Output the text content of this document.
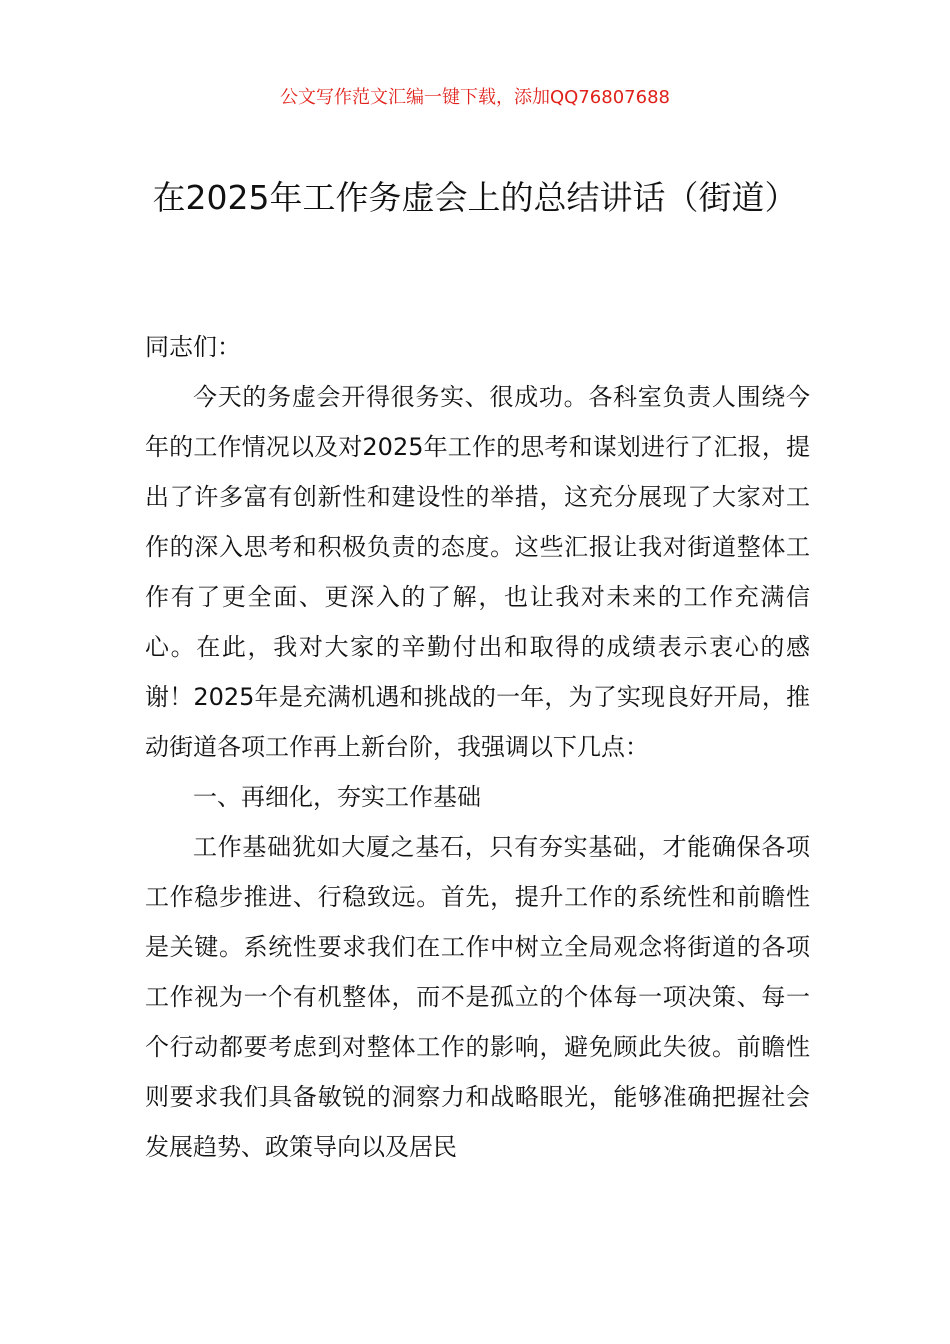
公文写作范文汇编一键下载，添加QQ76807688
在2025年工作务虚会上的总结讲话（街道）

同志们：

今天的务虚会开得很务实、很成功。各科室负责人围绕今年的工作情况以及对2025年工作的思考和谋划进行了汇报，提出了许多富有创新性和建设性的举措，这充分展现了大家对工作的深入思考和积极负责的态度。这些汇报让我对街道整体工作有了更全面、更深入的了解，也让我对未来的工作充满信心。在此，我对大家的辛勤付出和取得的成绩表示衷心的感谢！2025年是充满机遇和挑战的一年，为了实现良好开局，推动街道各项工作再上新台阶，我强调以下几点：

一、再细化，夯实工作基础

工作基础犹如大厦之基石，只有夯实基础，才能确保各项工作稳步推进、行稳致远。首先，提升工作的系统性和前瞻性是关键。系统性要求我们在工作中树立全局观念将街道的各项工作视为一个有机整体，而不是孤立的个体每一项决策、每一个行动都要考虑到对整体工作的影响，避免顾此失彼。前瞻性则要求我们具备敏锐的洞察力和战略眼光，能够准确把握社会发展趋势、政策导向以及居民
